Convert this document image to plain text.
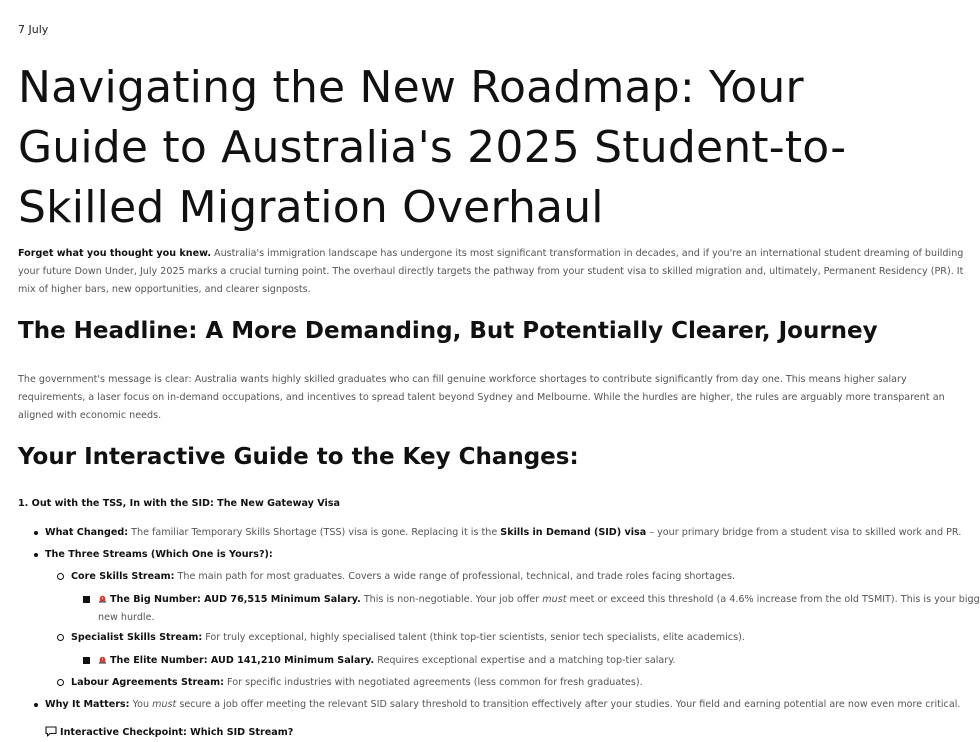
7 July
Navigating the New Roadmap: Your Guide to Australia's 2025 Student-to-Skilled Migration Overhaul
Forget what you thought you knew. Australia's immigration landscape has undergone its most significant transformation in decades, and if you're an international student dreaming of building
your future Down Under, July 2025 marks a crucial turning point. The overhaul directly targets the pathway from your student visa to skilled migration and, ultimately, Permanent Residency (PR). It
mix of higher bars, new opportunities, and clearer signposts.
The Headline: A More Demanding, But Potentially Clearer, Journey
The government's message is clear: Australia wants highly skilled graduates who can fill genuine workforce shortages to contribute significantly from day one. This means higher salary
requirements, a laser focus on in-demand occupations, and incentives to spread talent beyond Sydney and Melbourne. While the hurdles are higher, the rules are arguably more transparent an
aligned with economic needs.
Your Interactive Guide to the Key Changes:
1. Out with the TSS, In with the SID: The New Gateway Visa
What Changed: The familiar Temporary Skills Shortage (TSS) visa is gone. Replacing it is the Skills in Demand (SID) visa – your primary bridge from a student visa to skilled work and PR.
The Three Streams (Which One is Yours?):
Core Skills Stream: The main path for most graduates. Covers a wide range of professional, technical, and trade roles facing shortages.
The Big Number: AUD 76,515 Minimum Salary. This is non-negotiable. Your job offer must meet or exceed this threshold (a 4.6% increase from the old TSMIT). This is your bigg
new hurdle.
Specialist Skills Stream: For truly exceptional, highly specialised talent (think top-tier scientists, senior tech specialists, elite academics).
The Elite Number: AUD 141,210 Minimum Salary. Requires exceptional expertise and a matching top-tier salary.
Labour Agreements Stream: For specific industries with negotiated agreements (less common for fresh graduates).
Why It Matters: You must secure a job offer meeting the relevant SID salary threshold to transition effectively after your studies. Your field and earning potential are now even more critical.
Interactive Checkpoint: Which SID Stream?
